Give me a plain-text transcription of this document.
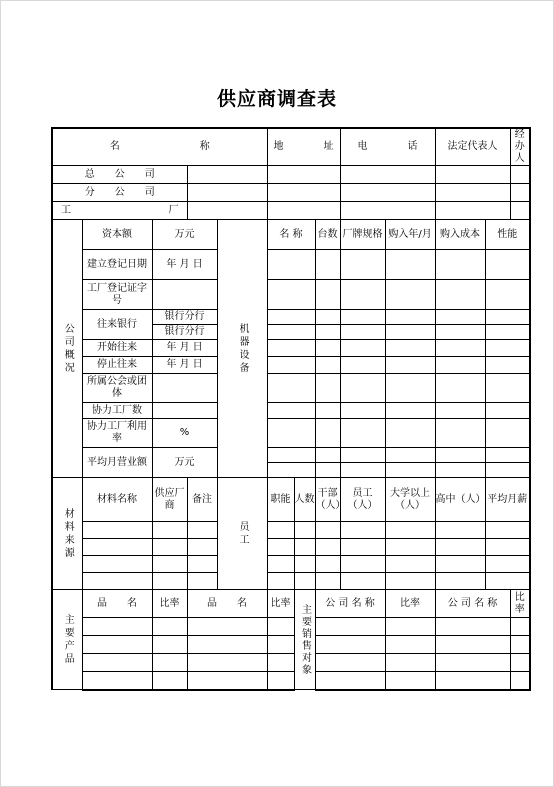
供应商调查表
名　　　　　　　　 称					地　　　　 址			电　　　　 话		法定代表人		经办人
总　　公　　司												
分　　公　　司												

工 厂												

公司概况	资本额	万元		机器设备	名 称		台数	厂牌规格	购入年/月	购入成本	性能	
	建立登记日期	年 月 日										
	工厂登记证字号											
	往来银行	银行分行										
		银行分行										
	开始往来	年 月 日										
	停止往来	年 月 日										
	所属公会或团体											
	协力工厂数											
	协力工厂利用率	%										
	平均月营业额	万元										

材料来源	材料名称	供应厂商	备注	员工	职能	人数	干部（人）	员工（人）	大学以上（人）	高中（人）	平均月薪	

主要产品	品　　名	比率	品　　名		比率	主要销售对象	公 司 名 称		比率	公 司 名 称		比率
